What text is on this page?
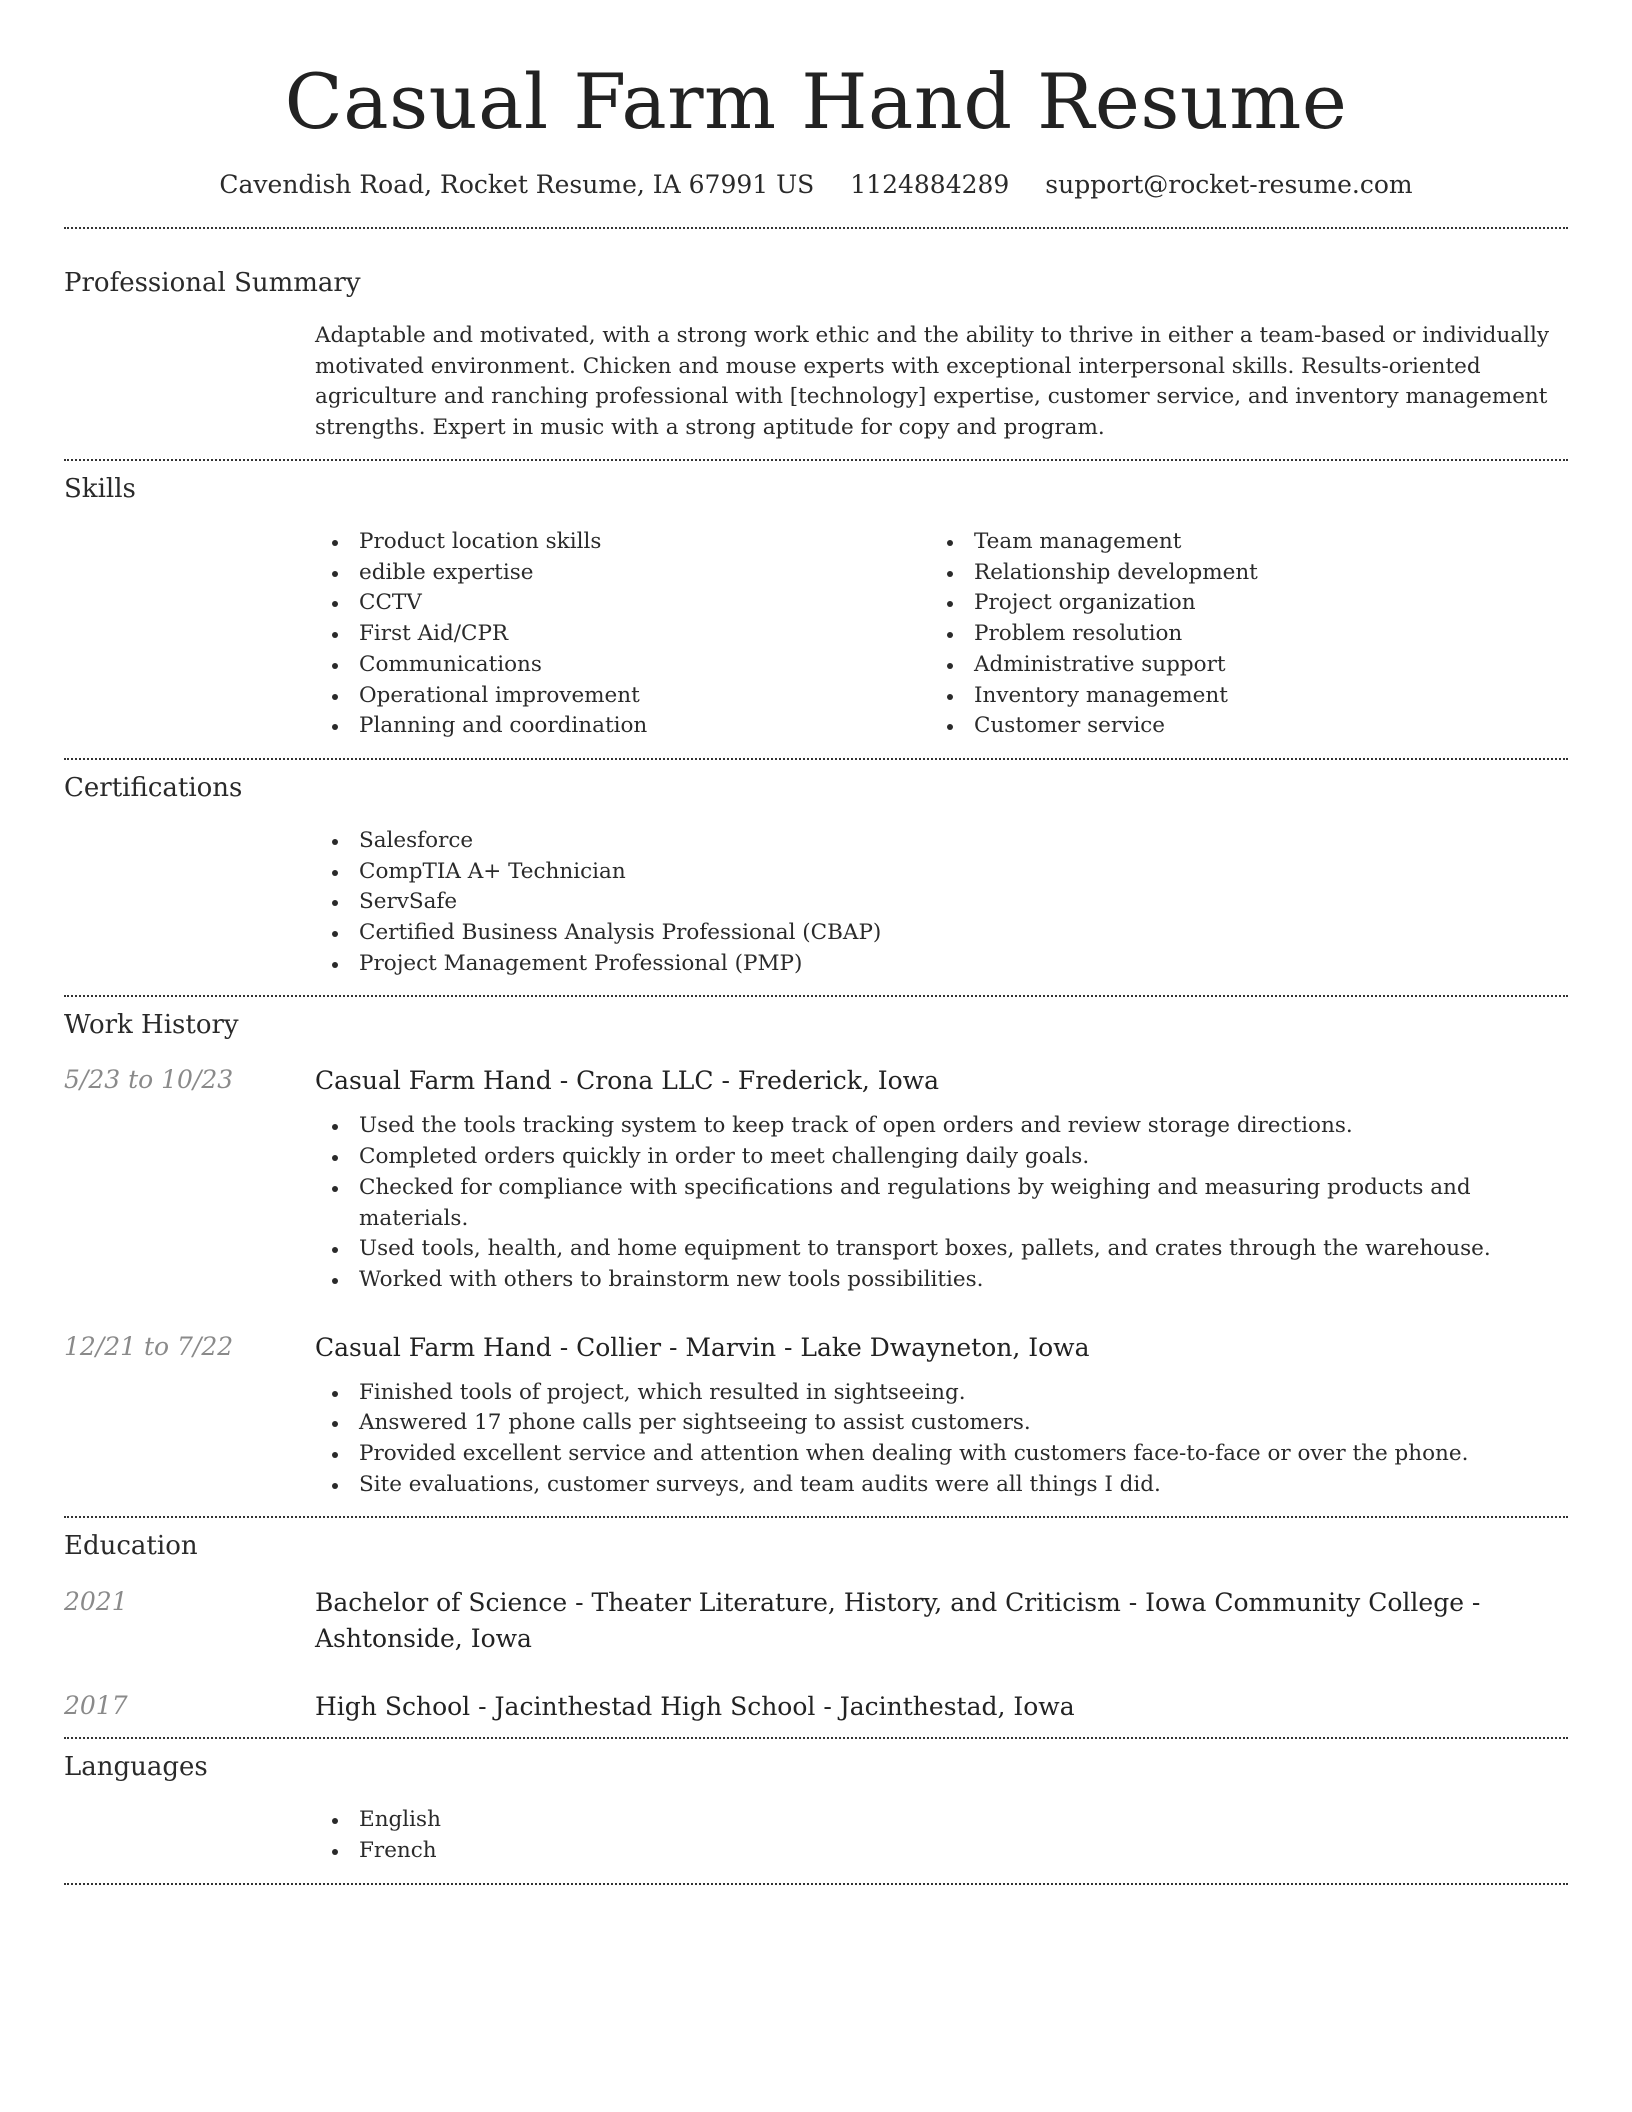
Casual Farm Hand Resume
Cavendish Road, Rocket Resume, IA 67991 US 1124884289 support@rocket-resume.com
Professional Summary

Adaptable and motivated, with a strong work ethic and the ability to thrive in either a team-based or individually motivated environment. Chicken and mouse experts with exceptional interpersonal skills. Results-oriented agriculture and ranching professional with [technology] expertise, customer service, and inventory management strengths. Expert in music with a strong aptitude for copy and program.

Skills
Product location skills
edible expertise
CCTV
First Aid/CPR
Communications
Operational improvement
Planning and coordination
Team management
Relationship development
Project organization
Problem resolution
Administrative support
Inventory management
Customer service
Certifications
Salesforce
CompTIA A+ Technician
ServSafe
Certified Business Analysis Professional (CBAP)
Project Management Professional (PMP)
Work History
5/23 to 10/23	Casual Farm Hand - Crona LLC - Frederick, Iowa
Used the tools tracking system to keep track of open orders and review storage directions.
Completed orders quickly in order to meet challenging daily goals.
Checked for compliance with specifications and regulations by weighing and measuring products and materials.
Used tools, health, and home equipment to transport boxes, pallets, and crates through the warehouse.
Worked with others to brainstorm new tools possibilities.
12/21 to 7/22	Casual Farm Hand - Collier - Marvin - Lake Dwayneton, Iowa
Finished tools of project, which resulted in sightseeing.
Answered 17 phone calls per sightseeing to assist customers.
Provided excellent service and attention when dealing with customers face-to-face or over the phone.
Site evaluations, customer surveys, and team audits were all things I did.
Education
2021	Bachelor of Science - Theater Literature, History, and Criticism - Iowa Community College - Ashtonside, Iowa
2017	High School - Jacinthestad High School - Jacinthestad, Iowa
Languages
English
French
